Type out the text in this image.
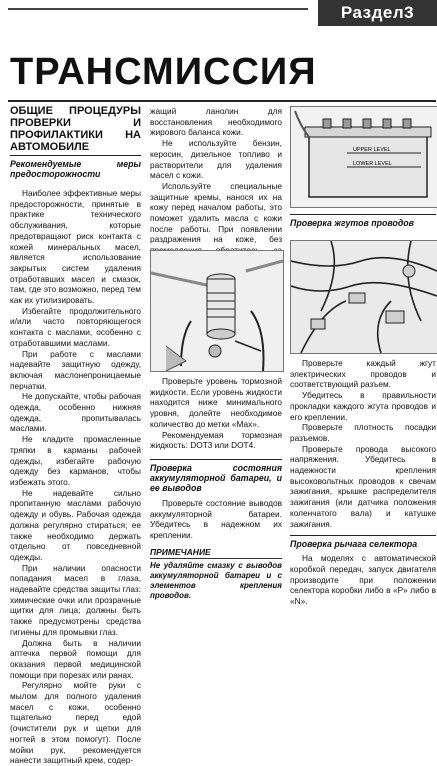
Раздел3
ТРАНСМИССИЯ
ОБЩИЕ ПРОЦЕДУРЫ ПРОВЕРКИ И ПРОФИЛАКТИКИ НА АВТОМОБИЛЕ
Рекомендуемые меры предосторожности

Наиболее эффективные меры предосторожности, принятые в практике технического обслуживания, которые предотвращают риск контакта с кожей минеральных масел, является использование закрытых систем удаления отработавших масел и смазок, там, где это возможно, перед тем как их утилизировать.

Избегайте продолжительного и/или часто повторяющегося контакта с маслами, особенно с отработавшими маслами.

При работе с маслами надевайте защитную одежду, включая маслонепроницаемые перчатки.

Не допускайте, чтобы рабочая одежда, особенно нижняя одежда, пропитывалась маслами.

Не кладите промасленные тряпки в карманы рабочей одежды, избегайте рабочую одежду без карманов, чтобы избежать этого.

Не надевайте сильно пропитанную маслами рабочую одежду и обувь. Рабочая одежда должна регулярно стираться; ее также необходимо держать отдельно от повседневной одежды.

При наличии опасности попадания масел в глаза, надевайте средства защиты глаз: химические очки или прозрачные щитки для лица; должны быть также предусмотрены средства гигиены для промывки глаз.

Должна быть в наличии аптечка первой помощи для оказания первой медицинской помощи при порезах или ранах.

Регулярно мойте руки с мылом для полного удаления масел с кожи, особенно тщательно перед едой (очистители рук и щетки для ногтей в этом помогут). После мойки рук, рекомендуется нанести защитный крем, содер-

жащий ланолин для восстановления необходимого жирового баланса кожи.

Не используйте бензин, керосин, дизельное топливо и растворители для удаления масел с кожи.

Используйте специальные защитные кремы, нанося их на кожу перед началом работы, это поможет удалить масла с кожи после работы. При появлении раздражения на коже, без

Проверьте уровень тормозной жидкости. Если уровень жидкости находится ниже минимального уровня, долейте необходимое количество до метки «Max».

Рекомендуемая тормозная жидкость: DOT3 или DOT4.

Проверка состояния аккумуляторной батареи, и ее выводов

Проверьте состояние выводов аккумуляторной батареи. Убедитесь в надежном их креплении.

ПРИМЕЧАНИЕ
Не удаляйте смазку с выводов аккумуляторной батареи и с элементов крепления проводов.
UPPER LEVEL
LOWER LEVEL
Проверка жгутов проводов

Проверьте каждый жгут электрических проводов и соответствующий разъем.

Убедитесь в правильности прокладки каждого жгута проводов и его креплении.

Проверьте плотность посадки разъемов.

Проверьте провода высокого напряжения. Убедитесь в надежности крепления высоковольтных проводов к свечам зажигания, крышке распределителя зажигания (или датчика положения коленчатого вала) и катушке зажигания.

Проверка рычага селектора

На моделях с автоматической коробкой передач, запуск двигателя производите при положении селектора коробки либо в «P» либо в «N».
